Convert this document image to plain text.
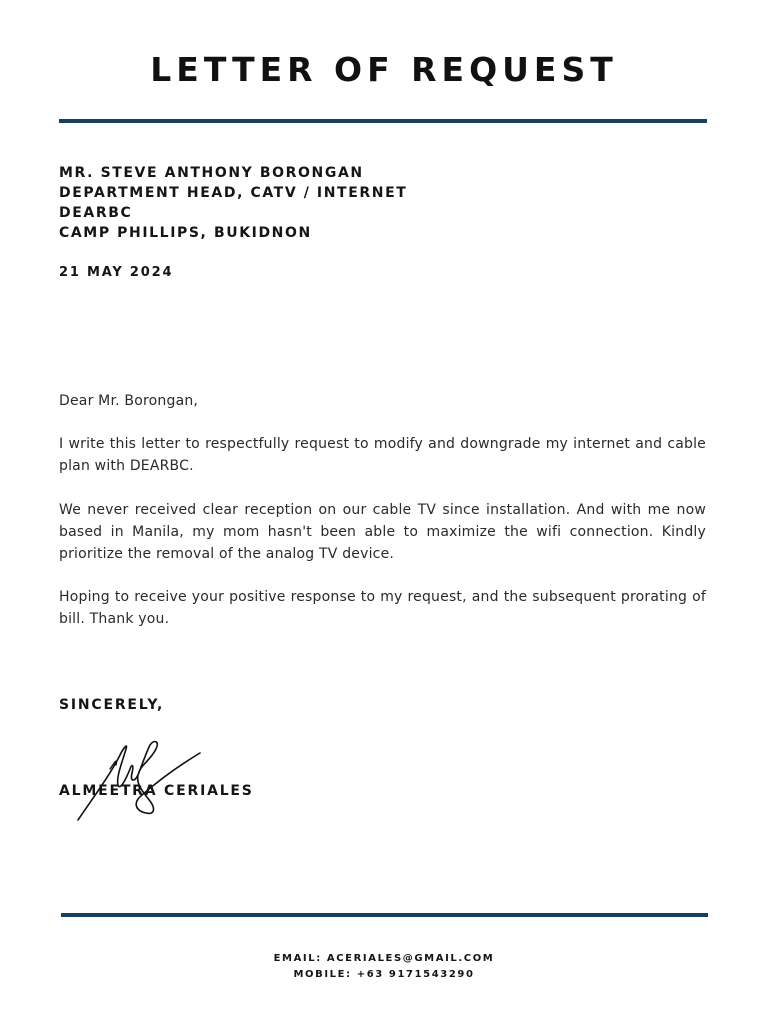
LETTER OF REQUEST
MR. STEVE ANTHONY BORONGAN
DEPARTMENT HEAD, CATV / INTERNET
DEARBC
CAMP PHILLIPS, BUKIDNON
21 MAY 2024

Dear Mr. Borongan,

I write this letter to respectfully request to modify and downgrade my internet and cable plan with DEARBC.

We never received clear reception on our cable TV since installation. And with me now based in Manila, my mom hasn't been able to maximize the wifi connection. Kindly prioritize the removal of the analog TV device.

Hoping to receive your positive response to my request, and the subsequent prorating of bill. Thank you.

SINCERELY,
ALMEETRA CERIALES
EMAIL: ACERIALES@GMAIL.COM
MOBILE: +63 9171543290
